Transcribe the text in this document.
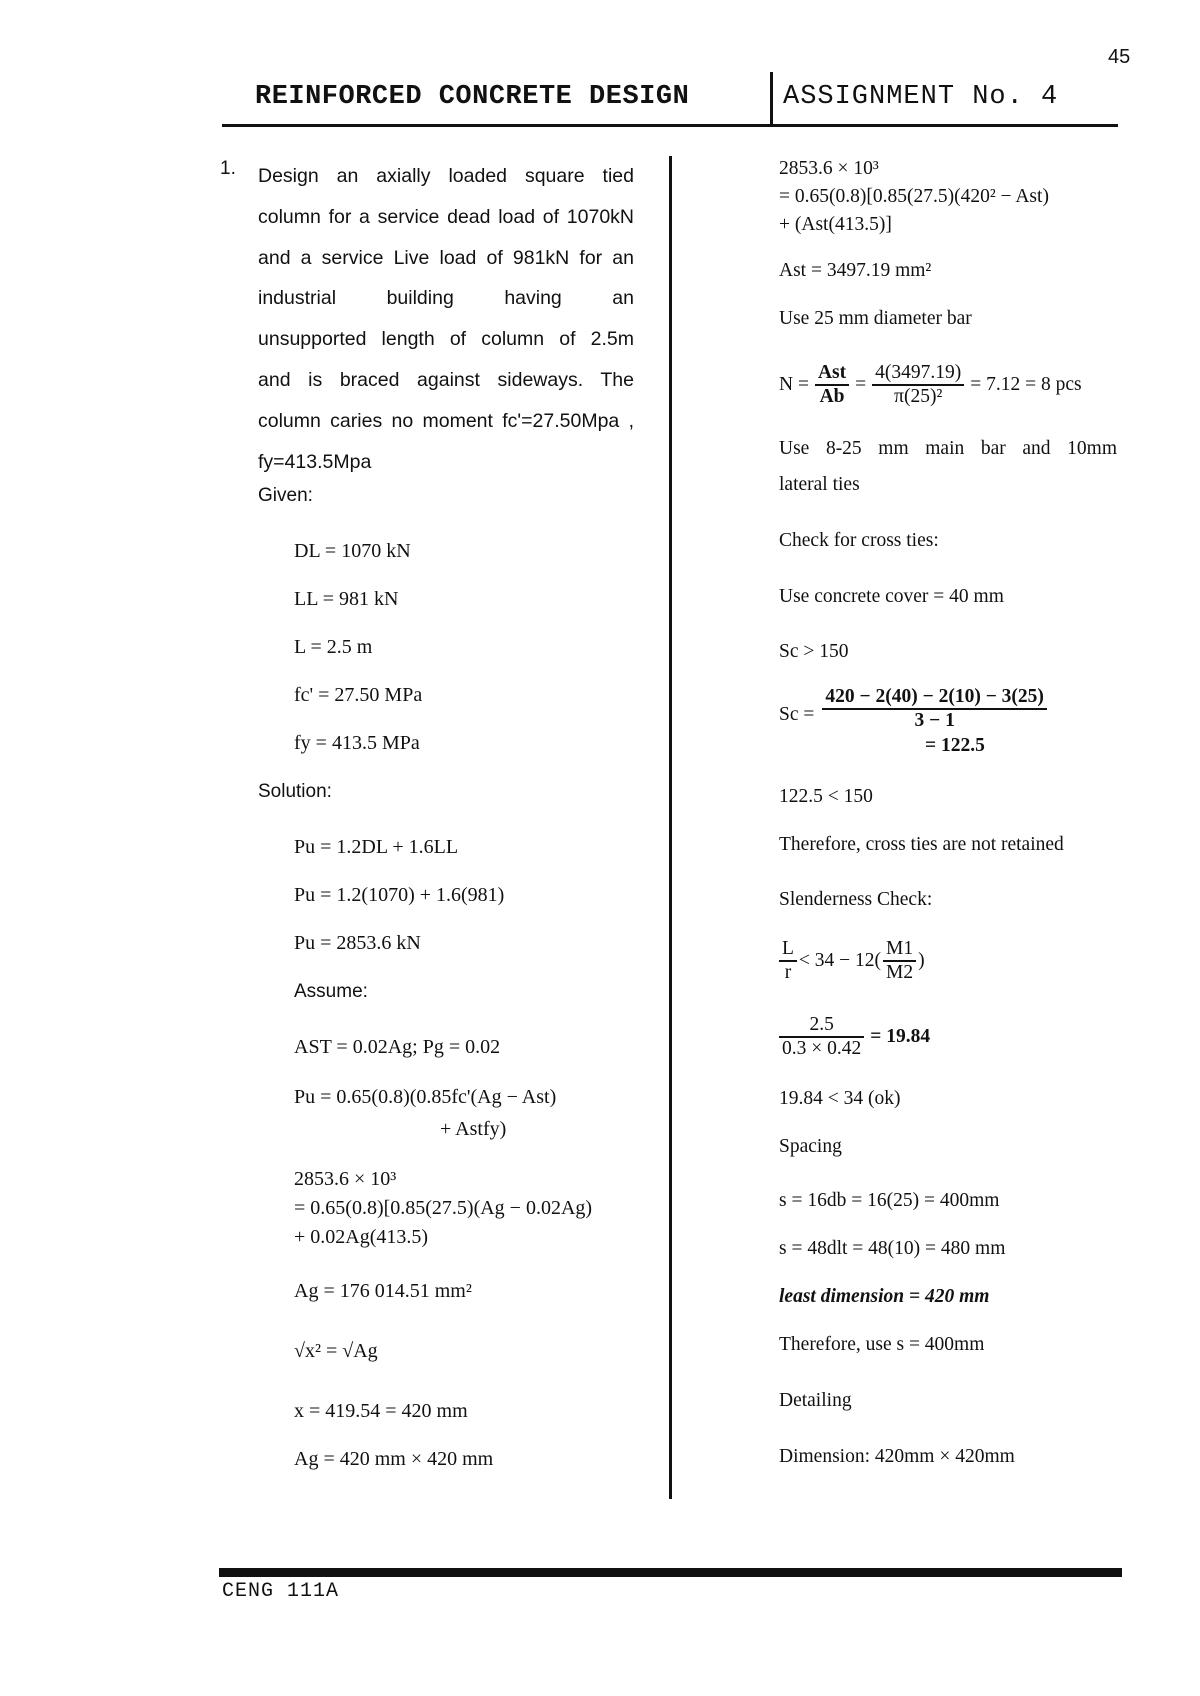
45
REINFORCED CONCRETE DESIGN	ASSIGNMENT No. 4
1. Design an axially loaded square tied

column for a service dead load of 1070kN

and a service Live load of 981kN for an

industrial building having an

unsupported length of column of 2.5m

and is braced against sideways. The

column caries no moment fc'=27.50Mpa ,

fy=413.5Mpa

Given:
DL = 1070 kN
LL = 981 kN
L = 2.5 m
fc' = 27.50 MPa
fy = 413.5 MPa
Solution:
Pu = 1.2DL + 1.6LL
Pu = 1.2(1070) + 1.6(981)
Pu = 2853.6 kN
Assume:
AST = 0.02Ag; Pg = 0.02
Pu = 0.65(0.8)(0.85fc'(Ag − Ast)
+ Astfy)
2853.6 × 10³
= 0.65(0.8)[0.85(27.5)(Ag − 0.02Ag)
+ 0.02Ag(413.5)
Ag = 176 014.51 mm²
√x² = √Ag
x = 419.54 = 420 mm
Ag = 420 mm × 420 mm
2853.6 × 10³
= 0.65(0.8)[0.85(27.5)(420² − Ast)
+ (Ast(413.5)]
Ast = 3497.19 mm²
Use 25 mm diameter bar
$N = \frac{\text{Ast}}{Ab} = \frac{4(3497.19)}{\text{π(25)²}} = 7.12 = 8$ pcs
Use 8-25 mm main bar and 10mm
lateral ties
Check for cross ties:
Use concrete cover = 40 mm
Sc > 150
$Sc = \frac{420 - 2(40) - 2(10) - 3(25)}{3 - 1}$
= 122.5
122.5 < 150
Therefore, cross ties are not retained
Slenderness Check:
$\frac{L}{r} < 34 - 12( \frac{M1}{M2}$ )
$\frac{2.5}{0.3 \times 0.42} = 19.84$
19.84 < 34 (ok)
Spacing
s = 16db = 16(25) = 400mm
s = 48dlt = 48(10) = 480 mm
least dimension = 420 mm
Therefore, use s = 400mm
Detailing
Dimension: 420mm × 420mm
CENG 111A
